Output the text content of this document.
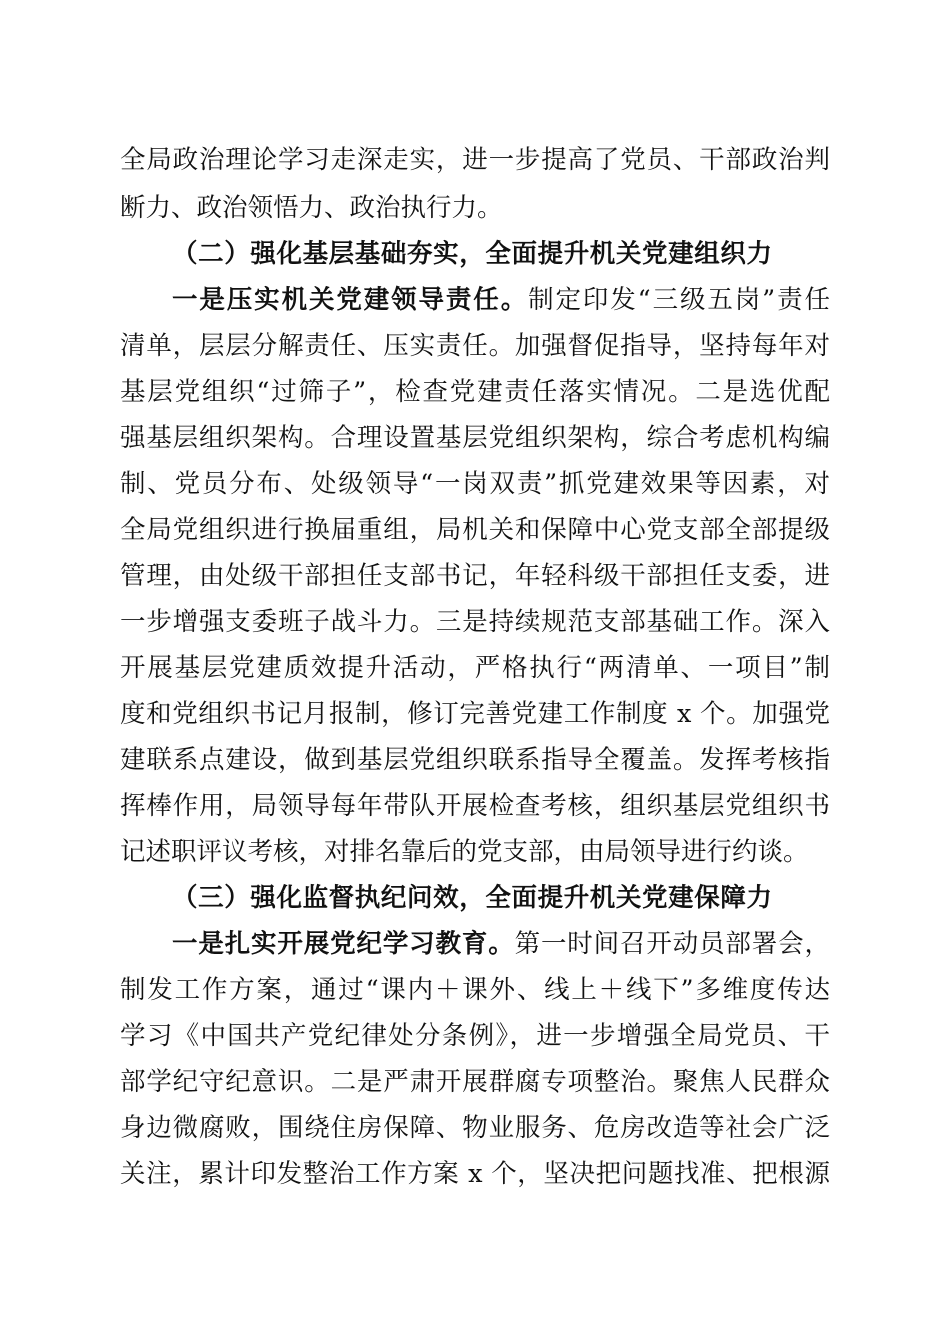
全局政治理论学习走深走实，进一步提高了党员、干部政治判
断力、政治领悟力、政治执行力。
（二）强化基层基础夯实，全面提升机关党建组织力
一是压实机关党建领导责任。制定印发“三级五岗”责任
清单，层层分解责任、压实责任。加强督促指导，坚持每年对
基层党组织“过筛子”，检查党建责任落实情况。二是选优配
强基层组织架构。合理设置基层党组织架构，综合考虑机构编
制、党员分布、处级领导“一岗双责”抓党建效果等因素，对
全局党组织进行换届重组，局机关和保障中心党支部全部提级
管理，由处级干部担任支部书记，年轻科级干部担任支委，进
一步增强支委班子战斗力。三是持续规范支部基础工作。深入
开展基层党建质效提升活动，严格执行“两清单、一项目”制
度和党组织书记月报制，修订完善党建工作制度 x 个。加强党
建联系点建设，做到基层党组织联系指导全覆盖。发挥考核指
挥棒作用，局领导每年带队开展检查考核，组织基层党组织书
记述职评议考核，对排名靠后的党支部，由局领导进行约谈。
（三）强化监督执纪问效，全面提升机关党建保障力
一是扎实开展党纪学习教育。第一时间召开动员部署会，
制发工作方案，通过“课内＋课外、线上＋线下”多维度传达
学习《中国共产党纪律处分条例》，进一步增强全局党员、干
部学纪守纪意识。二是严肃开展群腐专项整治。聚焦人民群众
身边微腐败，围绕住房保障、物业服务、危房改造等社会广泛
关注，累计印发整治工作方案 x 个，坚决把问题找准、把根源
